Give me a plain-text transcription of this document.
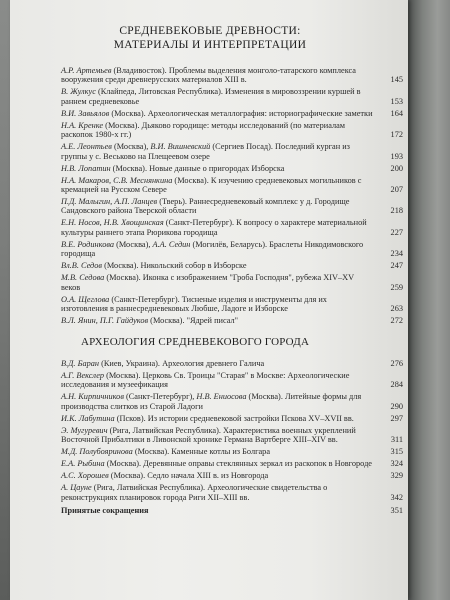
СРЕДНЕВЕКОВЫЕ ДРЕВНОСТИ:
МАТЕРИАЛЫ И ИНТЕРПРЕТАЦИИ
А.Р. Артемьев (Владивосток). Проблемы выделения монголо-татарского комплекса вооружения среди древнерусских материалов XIII в.	145
В. Жулкус (Клайпеда, Литовская Республика). Изменения в мировоззрении куршей в раннем средневековье	153
В.И. Завьялов (Москва). Археологическая металлография: историографические заметки	164
Н.А. Кренке (Москва). Дьяково городище: методы исследований (по материалам раскопок 1980-х гг.)	172
А.Е. Леонтьев (Москва), В.И. Вишневский (Сергиев Посад). Последний курган из группы у с. Веськово на Плещеевом озере	193
Н.В. Лопатин (Москва). Новые данные о пригородах Изборска	200
Н.А. Макаров, С.В. Меснянкина (Москва). К изучению средневековых могильников с кремацией на Русском Севере	207
П.Д. Малыгин, А.П. Ланцев (Тверь). Раннесредневековый комплекс у д. Городище Сандовского района Тверской области	218
Е.Н. Носов, Н.В. Хвощинская (Санкт-Петербург). К вопросу о характере материальной культуры раннего этапа Рюрикова городища	227
В.Е. Родинкова (Москва), А.А. Седин (Могилёв, Беларусь). Браслеты Никодимовского городища	234
Вл.В. Седов (Москва). Никольский собор в Изборске	247
М.В. Седова (Москва). Иконка с изображением "Гроба Господня", рубежа XIV–XV веков	259
О.А. Щеглова (Санкт-Петербург). Тисненые изделия и инструменты для их изготовления в раннесредневековых Любше, Ладоге и Изборске	263
В.Л. Янин, П.Г. Гайдуков (Москва). "Ядрей писал"	272
АРХЕОЛОГИЯ СРЕДНЕВЕКОВОГО ГОРОДА
В.Д. Баран (Киев, Украина). Археология древнего Галича	276
А.Г. Векслер (Москва). Церковь Св. Троицы "Старая" в Москве: Археологические исследования и музеефикация	284
А.Н. Кирпичников (Санкт-Петербург), Н.В. Ениосова (Москва). Литейные формы для производства слитков из Старой Ладоги	290
И.К. Лабутина (Псков). Из истории средневековой застройки Пскова XV–XVII вв.	297
Э. Мугуревич (Рига, Латвийская Республика). Характеристика военных укреплений Восточной Прибалтики в Ливонской хронике Германа Вартберге XIII–XIV вв.	311
М.Д. Полубояринова (Москва). Каменные котлы из Болгара	315
Е.А. Рыбина (Москва). Деревянные оправы стеклянных зеркал из раскопок в Новгороде	324
А.С. Хорошев (Москва). Седло начала XIII в. из Новгорода	329
А. Цауне (Рига, Латвийская Республика). Археологические свидетельства о реконструкциях планировок города Риги XII–XIII вв.	342
Принятые сокращения	351
